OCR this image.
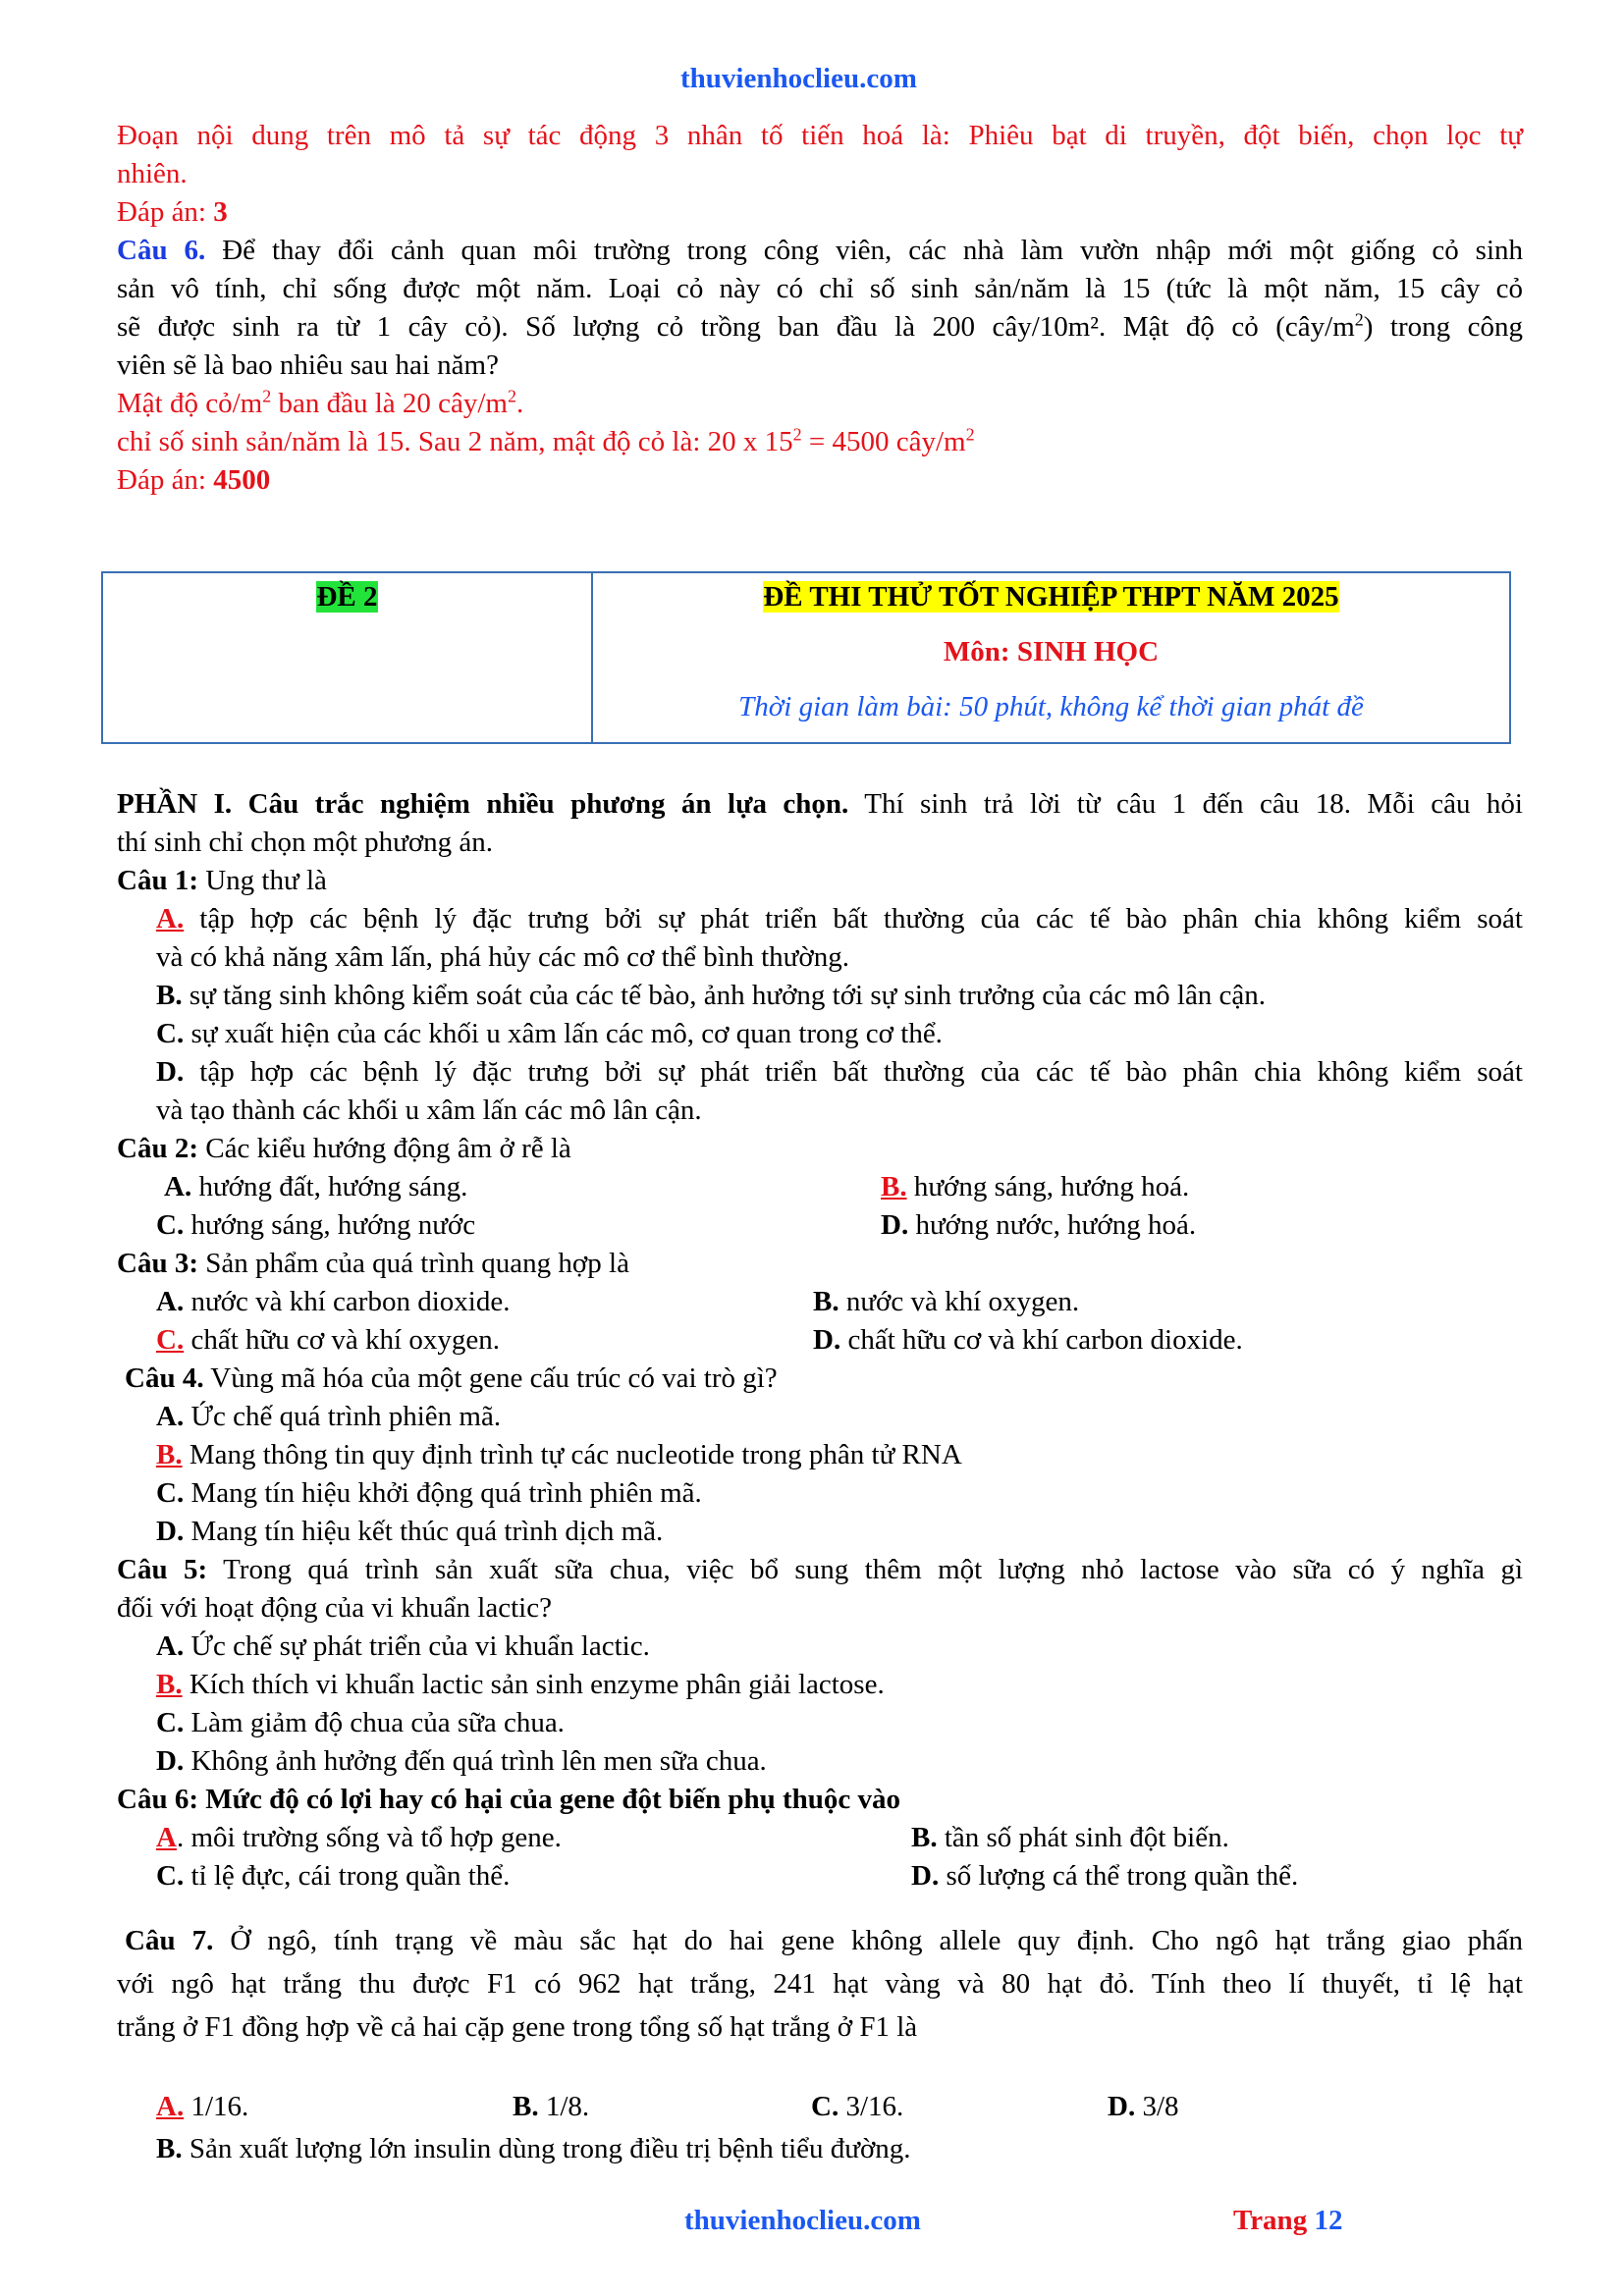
thuvienhoclieu.com
Đoạn nội dung trên mô tả sự tác động 3 nhân tố tiến hoá là: Phiêu bạt di truyền, đột biến, chọn lọc tự
nhiên.
Đáp án: 3
Câu 6. Để thay đổi cảnh quan môi trường trong công viên, các nhà làm vườn nhập mới một giống cỏ sinh
sản vô tính, chỉ sống được một năm. Loại cỏ này có chỉ số sinh sản/năm là 15 (tức là một năm, 15 cây cỏ
sẽ được sinh ra từ 1 cây cỏ). Số lượng cỏ trồng ban đầu là 200 cây/10m². Mật độ cỏ $(cây/m^2)$ trong công
viên sẽ là bao nhiêu sau hai năm?
Mật độ $cỏ/m^2$ ban đầu là 20 cây/$m^2$.
chỉ số sinh sản/năm là 15. Sau 2 năm, mật độ cỏ là: 20 x $15^2 = 4500$ cây/$m^2$
Đáp án: 4500
ĐỀ 2	ĐỀ THI THỬ TỐT NGHIỆP THPT NĂM 2025
Môn: SINH HỌC
Thời gian làm bài: 50 phút, không kể thời gian phát đề
PHẦN I. Câu trắc nghiệm nhiều phương án lựa chọn. Thí sinh trả lời từ câu 1 đến câu 18. Mỗi câu hỏi
thí sinh chỉ chọn một phương án.
Câu 1: Ung thư là
A. tập hợp các bệnh lý đặc trưng bởi sự phát triển bất thường của các tế bào phân chia không kiểm soát
và có khả năng xâm lấn, phá hủy các mô cơ thể bình thường.
B. sự tăng sinh không kiểm soát của các tế bào, ảnh hưởng tới sự sinh trưởng của các mô lân cận.
C. sự xuất hiện của các khối u xâm lấn các mô, cơ quan trong cơ thể.
D. tập hợp các bệnh lý đặc trưng bởi sự phát triển bất thường của các tế bào phân chia không kiểm soát
và tạo thành các khối u xâm lấn các mô lân cận.
Câu 2: Các kiểu hướng động âm ở rễ là
A. hướng đất, hướng sáng.	B. hướng sáng, hướng hoá.
C. hướng sáng, hướng nước	D. hướng nước, hướng hoá.
Câu 3: Sản phẩm của quá trình quang hợp là
A. nước và khí carbon dioxide.	B. nước và khí oxygen.
C. chất hữu cơ và khí oxygen.	D. chất hữu cơ và khí carbon dioxide.
Câu 4. Vùng mã hóa của một gene cấu trúc có vai trò gì?
A. Ức chế quá trình phiên mã.
B. Mang thông tin quy định trình tự các nucleotide trong phân tử RNA
C. Mang tín hiệu khởi động quá trình phiên mã.
D. Mang tín hiệu kết thúc quá trình dịch mã.
Câu 5: Trong quá trình sản xuất sữa chua, việc bổ sung thêm một lượng nhỏ lactose vào sữa có ý nghĩa gì
đối với hoạt động của vi khuẩn lactic?
A. Ức chế sự phát triển của vi khuẩn lactic.
B. Kích thích vi khuẩn lactic sản sinh enzyme phân giải lactose.
C. Làm giảm độ chua của sữa chua.
D. Không ảnh hưởng đến quá trình lên men sữa chua.
Câu 6: Mức độ có lợi hay có hại của gene đột biến phụ thuộc vào
A. môi trường sống và tổ hợp gene.	B. tần số phát sinh đột biến.
C. tỉ lệ đực, cái trong quần thể.	D. số lượng cá thể trong quần thể.
Câu 7. Ở ngô, tính trạng về màu sắc hạt do hai gene không allele quy định. Cho ngô hạt trắng giao phấn
với ngô hạt trắng thu được F1 có 962 hạt trắng, 241 hạt vàng và 80 hạt đỏ. Tính theo lí thuyết, tỉ lệ hạt
trắng ở F1 đồng hợp về cả hai cặp gene trong tổng số hạt trắng ở F1 là
A. 1/16.	B. 1/8.	C. 3/16.	D. 3/8
B. Sản xuất lượng lớn insulin dùng trong điều trị bệnh tiểu đường.
thuvienhoclieu.com	Trang 12
